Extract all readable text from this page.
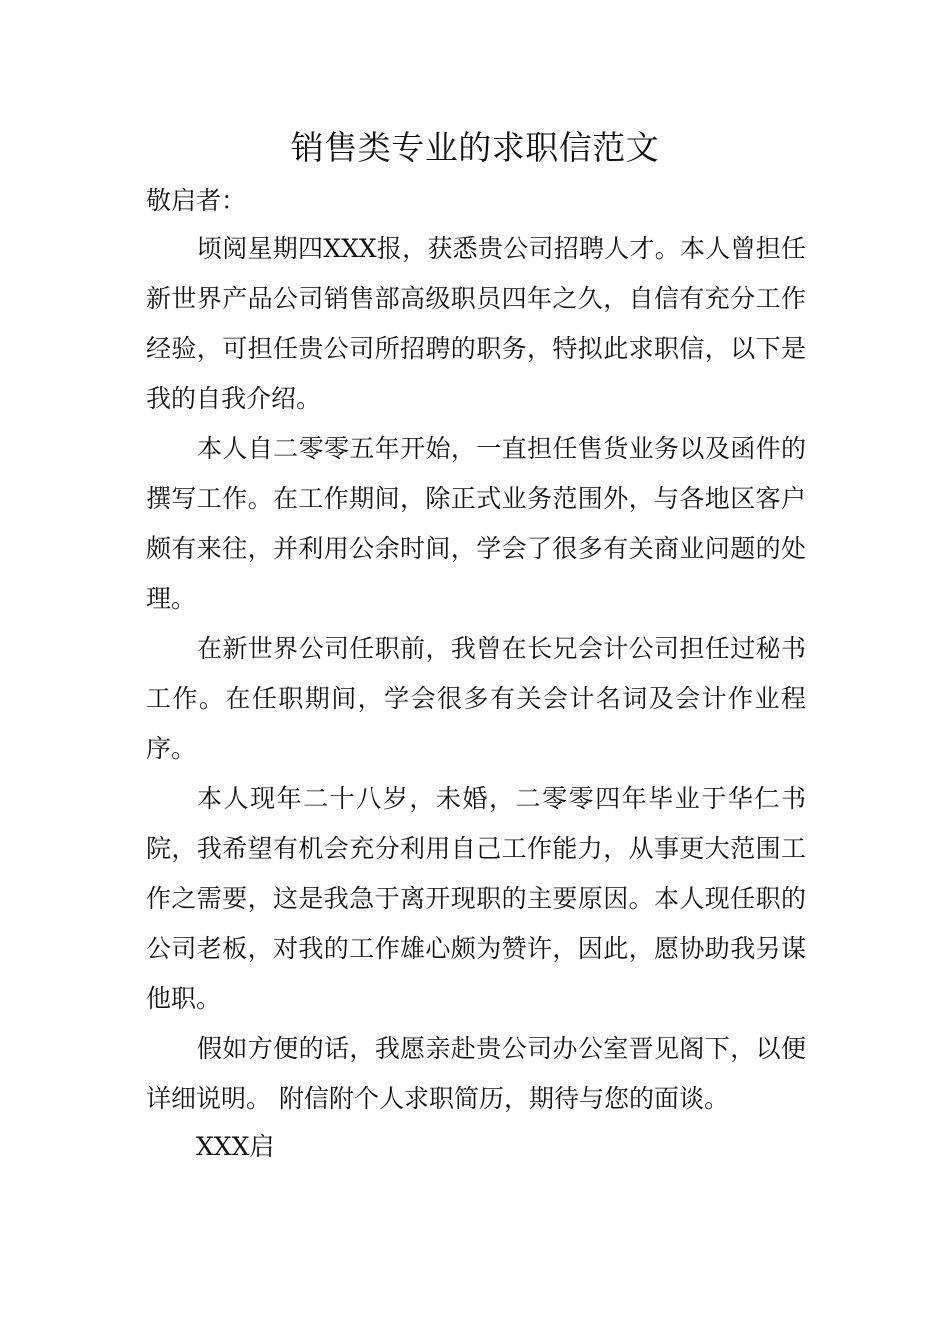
销售类专业的求职信范文
敬启者：

顷阅星期四XXX报，获悉贵公司招聘人才。本人曾担任新世界产品公司销售部高级职员四年之久，自信有充分工作经验，可担任贵公司所招聘的职务，特拟此求职信，以下是我的自我介绍。

本人自二零零五年开始，一直担任售货业务以及函件的撰写工作。在工作期间，除正式业务范围外，与各地区客户颇有来往，并利用公余时间，学会了很多有关商业问题的处理。

在新世界公司任职前，我曾在长兄会计公司担任过秘书工作。在任职期间，学会很多有关会计名词及会计作业程序。

本人现年二十八岁，未婚，二零零四年毕业于华仁书院，我希望有机会充分利用自己工作能力，从事更大范围工作之需要，这是我急于离开现职的主要原因。本人现任职的公司老板，对我的工作雄心颇为赞许，因此，愿协助我另谋他职。

假如方便的话，我愿亲赴贵公司办公室晋见阁下，以便详细说明。 附信附个人求职简历，期待与您的面谈。

XXX启
